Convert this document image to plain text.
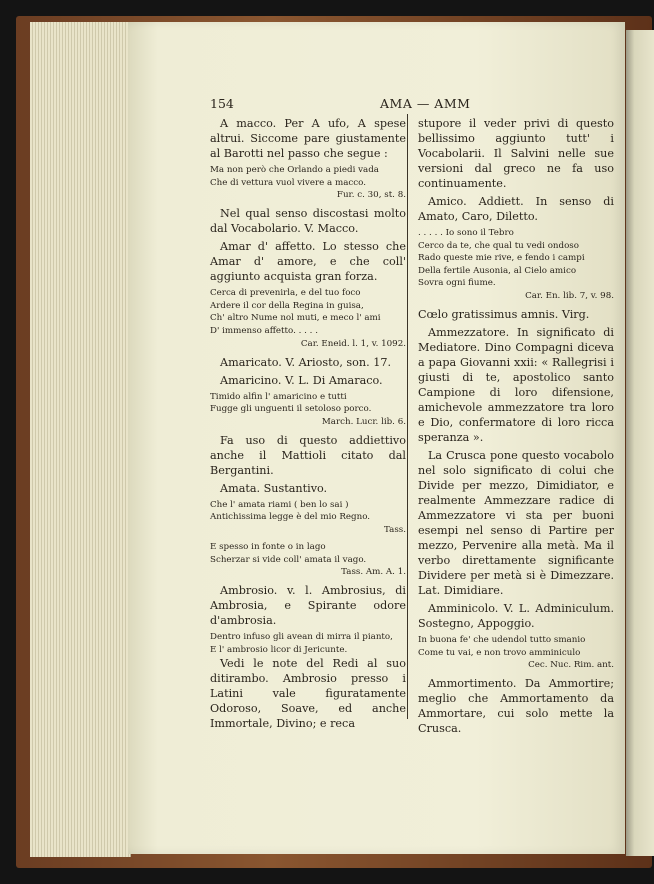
154	AMA — AMM

A macco. Per A ufo, A spese altrui. Siccome pare giustamente al Barotti nel passo che segue :

Ma non però che Orlando a piedi vada

Che di vettura vuol vivere a macco.

Fur. c. 30, st. 8.

Nel qual senso discostasi molto dal Vocabolario. V. Macco.

Amar d' affetto. Lo stesso che Amar d' amore, e che coll' aggiunto acquista gran forza.

Cerca di prevenirla, e del tuo foco

Ardere il cor della Regina in guisa,

Ch' altro Nume nol muti, e meco l' ami

D' immenso affetto. . . . .

Car. Eneid. l. 1, v. 1092.

Amaricato. V. Ariosto, son. 17.

Amaricino. V. L. Di Amaraco.

Timido alfin l' amaricino e tutti

Fugge gli unguenti il setoloso porco.

March. Lucr. lib. 6.

Fa uso di questo addiettivo anche il Mattioli citato dal Bergantini.

Amata. Sustantivo.

Che l' amata riami ( ben lo sai )

Antichissima legge è del mio Regno.

Tass.

E spesso in fonte o in lago

Scherzar si vide coll' amata il vago.

Tass. Am. A. 1.

Ambrosio. v. l. Ambrosius, di Ambrosia, e Spirante odore d'ambrosia.

Dentro infuso gli avean di mirra il pianto,

E l' ambrosio licor di Jericunte.

Vedi le note del Redi al suo ditirambo. Ambrosio presso i Latini vale figuratamente Odoroso, Soave, ed anche Immortale, Divino; e reca

stupore il veder privi di questo bellissimo aggiunto tutt' i Vocabolarii. Il Salvini nelle sue versioni dal greco ne fa uso continuamente.

Amico. Addiett. In senso di Amato, Caro, Diletto.

. . . . . Io sono il Tebro

Cerco da te, che qual tu vedi ondoso

Rado queste mie rive, e fendo i campi

Della fertile Ausonia, al Cielo amico

Sovra ogni fiume.

Car. En. lib. 7, v. 98.

Cœlo gratissimus amnis. Virg.

Ammezzatore. In significato di Mediatore. Dino Compagni diceva a papa Giovanni xxii: « Rallegrisi i giusti di te, apostolico santo Campione di loro difensione, amichevole ammezzatore tra loro e Dio, confermatore di loro ricca speranza ».

La Crusca pone questo vocabolo nel solo significato di colui che Divide per mezzo, Dimidiator, e realmente Ammezzare radice di Ammezzatore vi sta per buoni esempi nel senso di Partire per mezzo, Pervenire alla metà. Ma il verbo direttamente significante Dividere per metà si è Dimezzare. Lat. Dimidiare.

Amminicolo. V. L. Adminiculum. Sostegno, Appoggio.

In buona fe' che udendol tutto smanio

Come tu vai, e non trovo amminiculo

Cec. Nuc. Rim. ant.

Ammortimento. Da Ammortire; meglio che Ammortamento da Ammortare, cui solo mette la Crusca.
